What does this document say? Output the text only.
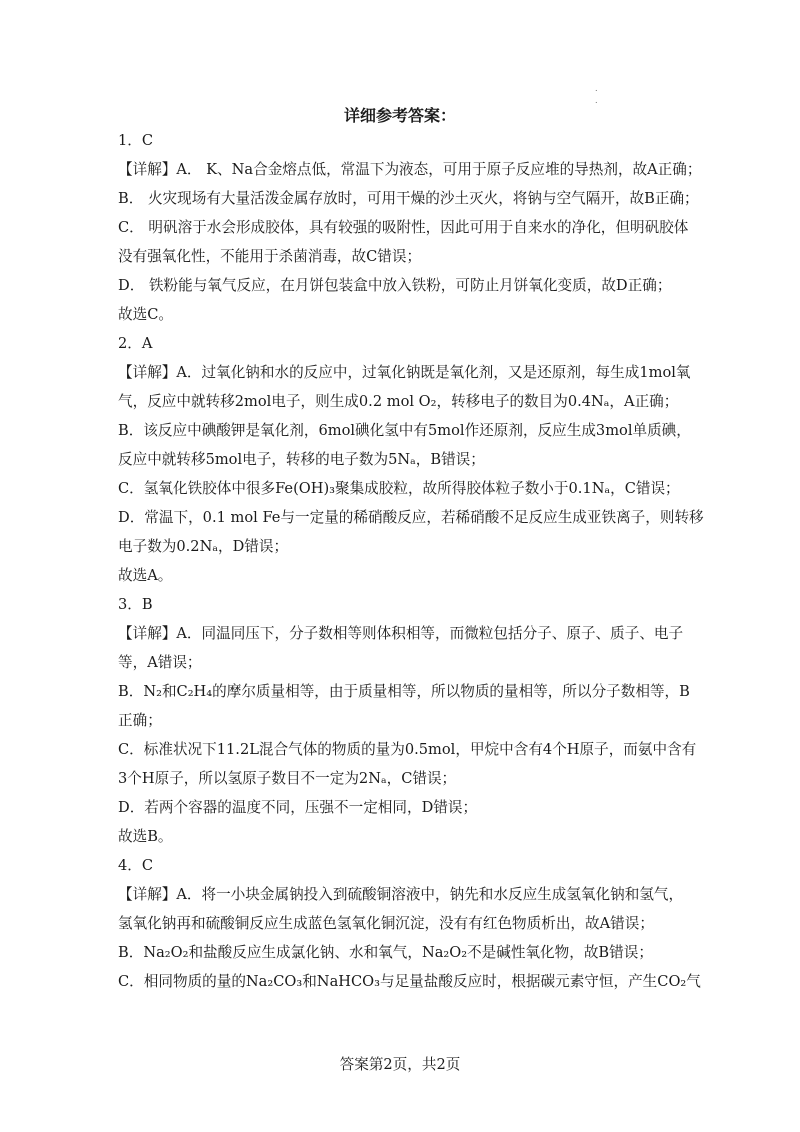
.
.
详细参考答案：
1．C
【详解】A． K、Na合金熔点低，常温下为液态，可用于原子反应堆的导热剂，故A正确；
B． 火灾现场有大量活泼金属存放时，可用干燥的沙土灭火，将钠与空气隔开，故B正确；
C． 明矾溶于水会形成胶体，具有较强的吸附性，因此可用于自来水的净化，但明矾胶体
没有强氧化性，不能用于杀菌消毒，故C错误；
D． 铁粉能与氧气反应，在月饼包装盒中放入铁粉，可防止月饼氧化变质，故D正确；
故选C。
2．A
【详解】A．过氧化钠和水的反应中，过氧化钠既是氧化剂，又是还原剂，每生成1mol氧
气，反应中就转移2mol电子，则生成0.2 mol O₂，转移电子的数目为0.4Nₐ，A正确；
B．该反应中碘酸钾是氧化剂，6mol碘化氢中有5mol作还原剂，反应生成3mol单质碘，
反应中就转移5mol电子，转移的电子数为5Nₐ，B错误；
C．氢氧化铁胶体中很多Fe(OH)₃聚集成胶粒，故所得胶体粒子数小于0.1Nₐ，C错误；
D．常温下，0.1 mol Fe与一定量的稀硝酸反应，若稀硝酸不足反应生成亚铁离子，则转移
电子数为0.2Nₐ，D错误；
故选A。
3．B
【详解】A．同温同压下，分子数相等则体积相等，而微粒包括分子、原子、质子、电子
等，A错误；
B．N₂和C₂H₄的摩尔质量相等，由于质量相等，所以物质的量相等，所以分子数相等，B
正确；
C．标准状况下11.2L混合气体的物质的量为0.5mol，甲烷中含有4个H原子，而氨中含有
3个H原子，所以氢原子数目不一定为2Nₐ，C错误；
D．若两个容器的温度不同，压强不一定相同，D错误；
故选B。
4．C
【详解】A．将一小块金属钠投入到硫酸铜溶液中，钠先和水反应生成氢氧化钠和氢气，
氢氧化钠再和硫酸铜反应生成蓝色氢氧化铜沉淀，没有有红色物质析出，故A错误；
B．Na₂O₂和盐酸反应生成氯化钠、水和氧气，Na₂O₂不是碱性氧化物，故B错误；
C．相同物质的量的Na₂CO₃和NaHCO₃与足量盐酸反应时，根据碳元素守恒，产生CO₂气
答案第2页，共2页
